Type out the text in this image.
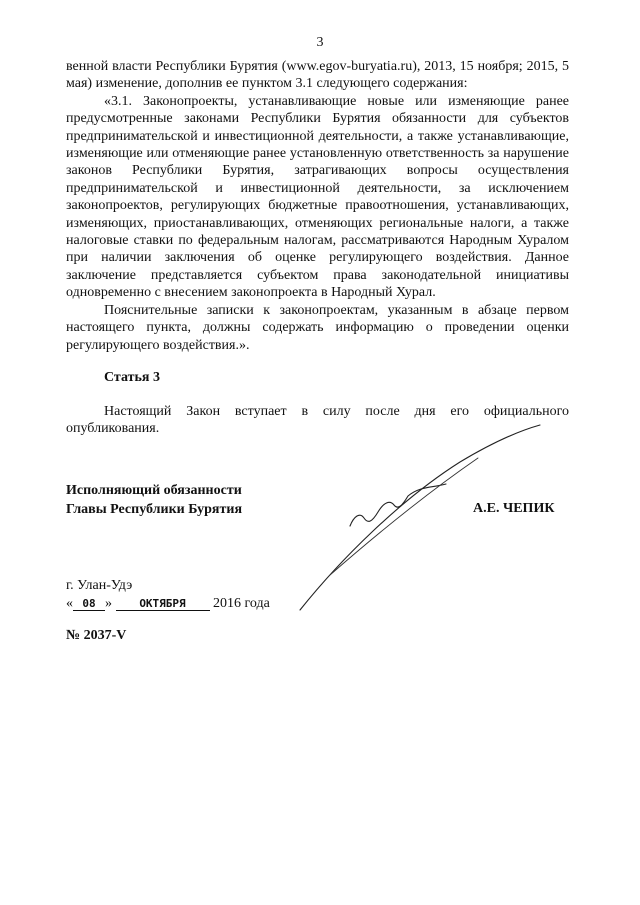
3

венной власти Республики Бурятия (www.egov-buryatia.ru), 2013, 15 ноября; 2015, 5 мая) изменение, дополнив ее пунктом 3.1 следующего содержания:

«3.1. Законопроекты, устанавливающие новые или изменяющие ранее предусмотренные законами Республики Бурятия обязанности для субъектов предпринимательской и инвестиционной деятельности, а также устанавливающие, изменяющие или отменяющие ранее установленную ответственность за нарушение законов Республики Бурятия, затрагивающих вопросы осуществления предпринимательской и инвестиционной деятельности, за исключением законопроектов, регулирующих бюджетные правоотношения, устанавливающих, изменяющих, приостанавливающих, отменяющих региональные налоги, а также налоговые ставки по федеральным налогам, рассматриваются Народным Хуралом при наличии заключения об оценке регулирующего воздействия. Данное заключение представляется субъектом права законодательной инициативы одновременно с внесением законопроекта в Народный Хурал.

Пояснительные записки к законопроектам, указанным в абзаце первом настоящего пункта, должны содержать информацию о проведении оценки регулирующего воздействия.».

Статья 3
Настоящий Закон вступает в силу после дня его официального опубликования.
Исполняющий обязанности
Главы Республики Бурятия	А.Е. ЧЕПИК
г. Улан-Удэ
« 08 » ОКТЯБРЯ 2016 года
№ 2037-V
